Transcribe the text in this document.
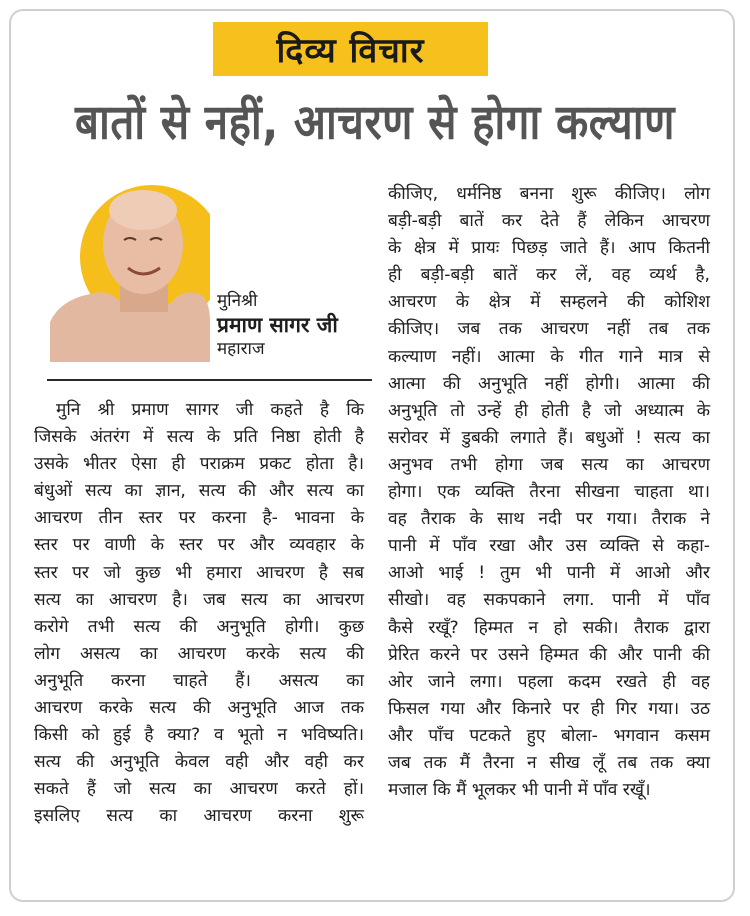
दिव्य विचार
बातों से नहीं, आचरण से होगा कल्याण
मुनिश्री
प्रमाण सागर जी
महाराज

मुनि श्री प्रमाण सागर जी कहते है कि
जिसके अंतरंग में सत्य के प्रति निष्ठा होती है
उसके भीतर ऐसा ही पराक्रम प्रकट होता है।
बंधुओं सत्य का ज्ञान, सत्य की और सत्य का
आचरण तीन स्तर पर करना है- भावना के
स्तर पर वाणी के स्तर पर और व्यवहार के
स्तर पर जो कुछ भी हमारा आचरण है सब
सत्य का आचरण है। जब सत्य का आचरण
करोगे तभी सत्य की अनुभूति होगी। कुछ
लोग असत्य का आचरण करके सत्य की
अनुभूति करना चाहते हैं। असत्य का
आचरण करके सत्य की अनुभूति आज तक
किसी को हुई है क्या? व भूतो न भविष्यति।
सत्य की अनुभूति केवल वही और वही कर
सकते हैं जो सत्य का आचरण करते हों।
इसलिए सत्य का आचरण करना शुरू

कीजिए, धर्मनिष्ठ बनना शुरू कीजिए। लोग
बड़ी-बड़ी बातें कर देते हैं लेकिन आचरण
के क्षेत्र में प्रायः पिछड़ जाते हैं। आप कितनी
ही बड़ी-बड़ी बातें कर लें, वह व्यर्थ है,
आचरण के क्षेत्र में सम्हलने की कोशिश
कीजिए। जब तक आचरण नहीं तब तक
कल्याण नहीं। आत्मा के गीत गाने मात्र से
आत्मा की अनुभूति नहीं होगी। आत्मा की
अनुभूति तो उन्हें ही होती है जो अध्यात्म के
सरोवर में डुबकी लगाते हैं। बधुओं ! सत्य का
अनुभव तभी होगा जब सत्य का आचरण
होगा। एक व्यक्ति तैरना सीखना चाहता था।
वह तैराक के साथ नदी पर गया। तैराक ने
पानी में पाँव रखा और उस व्यक्ति से कहा-
आओ भाई ! तुम भी पानी में आओ और
सीखो। वह सकपकाने लगा. पानी में पाँव
कैसे रखूँ? हिम्मत न हो सकी। तैराक द्वारा
प्रेरित करने पर उसने हिम्मत की और पानी की
ओर जाने लगा। पहला कदम रखते ही वह
फिसल गया और किनारे पर ही गिर गया। उठ
और पाँच पटकते हुए बोला- भगवान कसम
जब तक मैं तैरना न सीख लूँ तब तक क्या
मजाल कि मैं भूलकर भी पानी में पाँव रखूँ।
